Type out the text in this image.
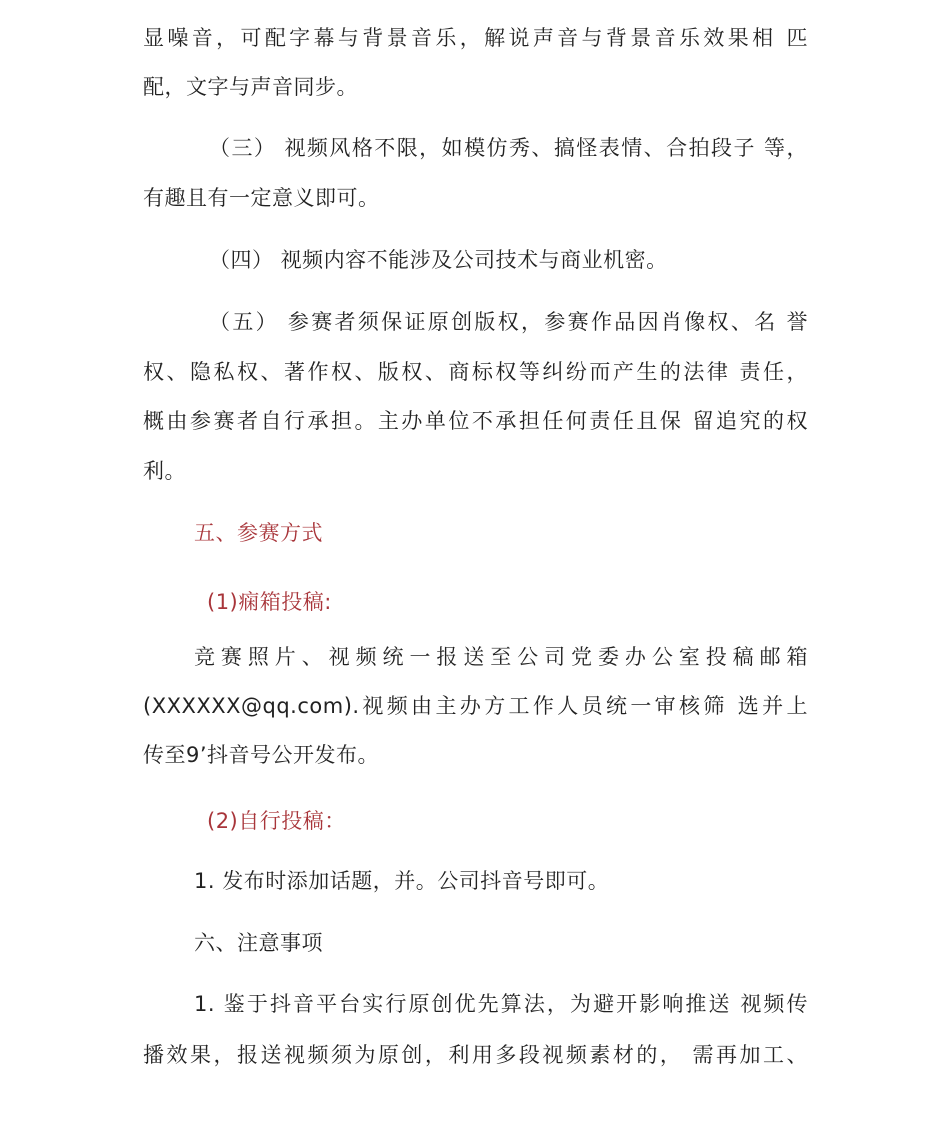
显噪音，可配字幕与背景音乐，解说声音与背景音乐效果相 匹
配，文字与声音同步。
（三） 视频风格不限，如模仿秀、搞怪表情、合拍段子 等，
有趣且有一定意义即可。
（四） 视频内容不能涉及公司技术与商业机密。
（五） 参赛者须保证原创版权，参赛作品因肖像权、名 誉
权、隐私权、著作权、版权、商标权等纠纷而产生的法律 责任，
概由参赛者自行承担。主办单位不承担任何责任且保 留追究的权
利。
五、参赛方式
(1)痫箱投稿:
竞赛照片、视频统一报送至公司党委办公室投稿邮箱
(XXXXXX@qq.com).视频由主办方工作人员统一审核筛 选并上
传至9’抖音号公开发布。
(2)自行投稿：
1. 发布时添加话题，并。公司抖音号即可。
六、注意事项
1. 鉴于抖音平台实行原创优先算法，为避开影响推送 视频传
播效果，报送视频须为原创，利用多段视频素材的， 需再加工、
